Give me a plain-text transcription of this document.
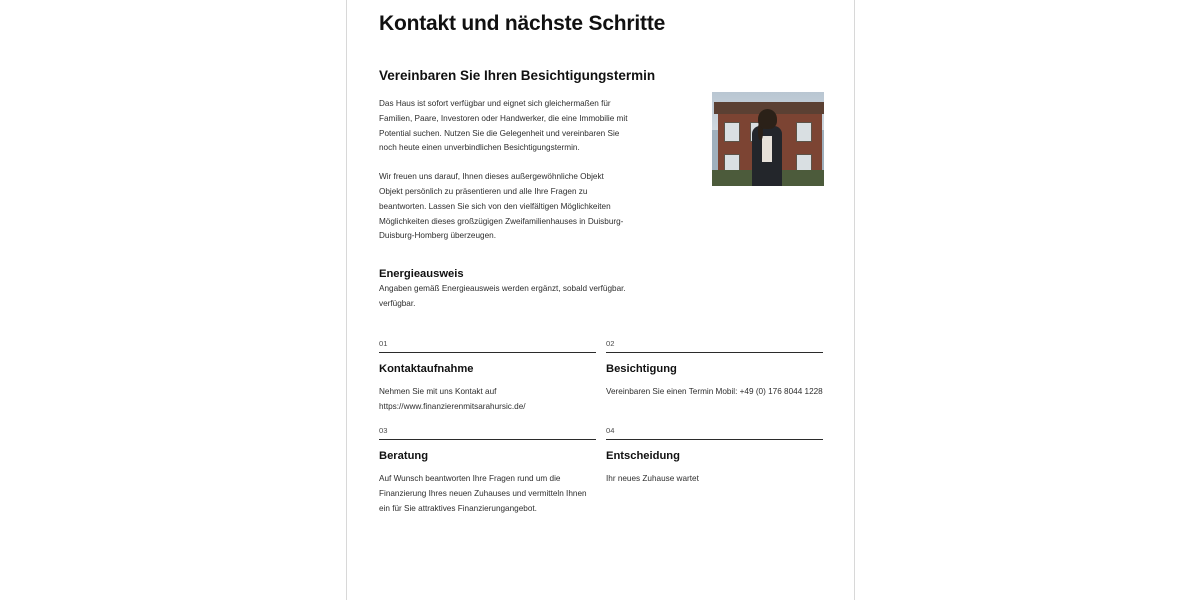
Kontakt und nächste Schritte
Vereinbaren Sie Ihren Besichtigungstermin

Das Haus ist sofort verfügbar und eignet sich gleichermaßen für Familien, Paare, Investoren oder Handwerker, die eine Immobilie mit Potential suchen. Nutzen Sie die Gelegenheit und vereinbaren Sie noch heute einen unverbindlichen Besichtigungstermin.

Wir freuen uns darauf, Ihnen dieses außergewöhnliche Objekt Objekt persönlich zu präsentieren und alle Ihre Fragen zu beantworten. Lassen Sie sich von den vielfältigen Möglichkeiten Möglichkeiten dieses großzügigen Zweifamilienhauses in Duisburg-Duisburg-Homberg überzeugen.

Energieausweis

Angaben gemäß Energieausweis werden ergänzt, sobald verfügbar. verfügbar.

01
Kontaktaufnahme
Nehmen Sie mit uns Kontakt auf https://www.finanzierenmitsarahursic.de/
02
Besichtigung
Vereinbaren Sie einen Termin Mobil: +49 (0) 176 8044 1228
03
Beratung
Auf Wunsch beantworten Ihre Fragen rund um die Finanzierung Ihres neuen Zuhauses und vermitteln Ihnen ein für Sie attraktives Finanzierungangebot.
04
Entscheidung
Ihr neues Zuhause wartet
